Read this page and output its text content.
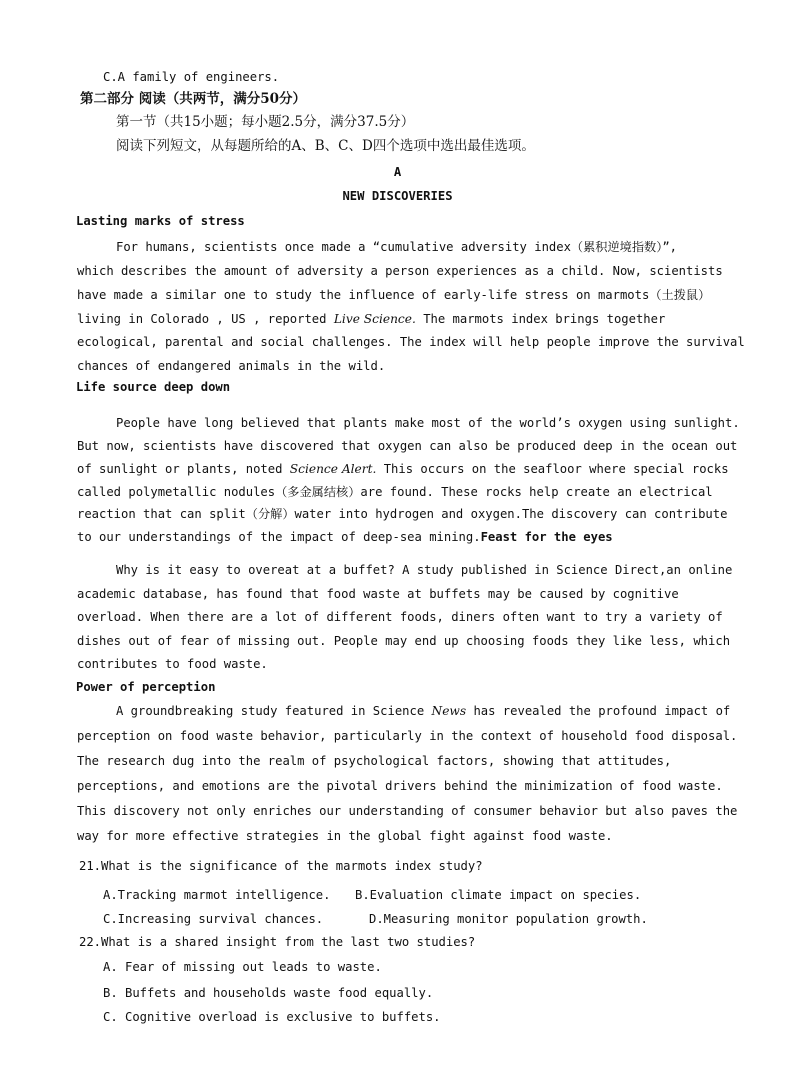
C.A family of engineers.
第二部分 阅读（共两节，满分50分）
第一节（共15小题；每小题2.5分，满分37.5分）
阅读下列短文，从每题所给的A、B、C、D四个选项中选出最佳选项。
A
NEW DISCOVERIES
Lasting marks of stress
For humans, scientists once made a “cumulative adversity index（累积逆境指数）”,
which describes the amount of adversity a person experiences as a child. Now, scientists
have made a similar one to study the influence of early-life stress on marmots（土拨鼠）
living in Colorado , US , reported Live Science. The marmots index brings together
ecological, parental and social challenges. The index will help people improve the survival
chances of endangered animals in the wild.
Life source deep down
People have long believed that plants make most of the world’s oxygen using sunlight.
But now, scientists have discovered that oxygen can also be produced deep in the ocean out
of sunlight or plants, noted Science Alert. This occurs on the seafloor where special rocks
called polymetallic nodules（多金属结核）are found. These rocks help create an electrical
reaction that can split（分解）water into hydrogen and oxygen.The discovery can contribute
to our understandings of the impact of deep-sea mining.Feast for the eyes
Why is it easy to overeat at a buffet? A study published in Science Direct,an online
academic database, has found that food waste at buffets may be caused by cognitive
overload. When there are a lot of different foods, diners often want to try a variety of
dishes out of fear of missing out. People may end up choosing foods they like less, which
contributes to food waste.
Power of perception
A groundbreaking study featured in Science News has revealed the profound impact of
perception on food waste behavior, particularly in the context of household food disposal.
The research dug into the realm of psychological factors, showing that attitudes,
perceptions, and emotions are the pivotal drivers behind the minimization of food waste.
This discovery not only enriches our understanding of consumer behavior but also paves the
way for more effective strategies in the global fight against food waste.
21.What is the significance of the marmots index study?
A.Tracking marmot intelligence. B.Evaluation climate impact on species.
C.Increasing survival chances.	D.Measuring monitor population growth.
22.What is a shared insight from the last two studies?
A. Fear of missing out leads to waste.
B. Buffets and households waste food equally.
C. Cognitive overload is exclusive to buffets.
